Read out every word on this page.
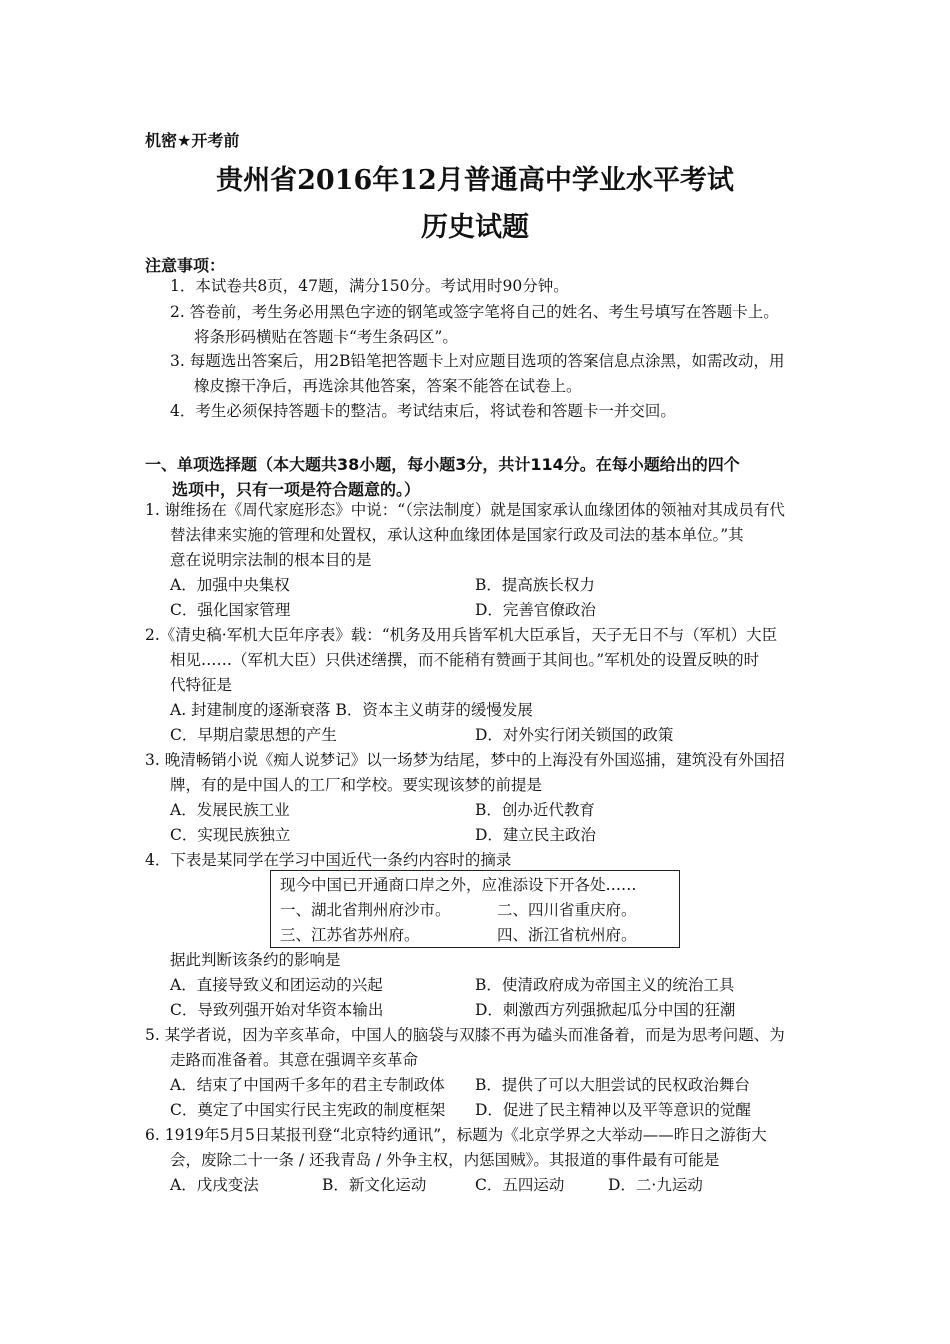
机密★开考前
贵州省2016年12月普通高中学业水平考试
历史试题
注意事项：
1．本试卷共8页，47题，满分150分。考试用时90分钟。
2. 答卷前，考生务必用黑色字迹的钢笔或签字笔将自己的姓名、考生号填写在答题卡上。
将条形码横贴在答题卡“考生条码区”。
3. 每题选出答案后，用2B铅笔把答题卡上对应题目选项的答案信息点涂黑，如需改动，用
橡皮擦干净后，再选涂其他答案，答案不能答在试卷上。
4．考生必须保持答题卡的整洁。考试结束后，将试卷和答题卡一并交回。
一、单项选择题（本大题共38小题，每小题3分，共计114分。在每小题给出的四个
选项中，只有一项是符合题意的。）
1. 谢维扬在《周代家庭形态》中说：“（宗法制度）就是国家承认血缘团体的领袖对其成员有代
替法律来实施的管理和处置权，承认这种血缘团体是国家行政及司法的基本单位。”其
意在说明宗法制的根本目的是
A．加强中央集权	B．提高族长权力
C．强化国家管理	D．完善官僚政治
2.《清史稿·军机大臣年序表》载：“机务及用兵皆军机大臣承旨，天子无日不与（军机）大臣
相见……（军机大臣）只供述缮撰，而不能稍有赞画于其间也。”军机处的设置反映的时
代特征是
A. 封建制度的逐渐衰落 B．资本主义萌芽的缓慢发展
C．早期启蒙思想的产生	D．对外实行闭关锁国的政策
3. 晚清畅销小说《痴人说梦记》以一场梦为结尾，梦中的上海没有外国巡捕，建筑没有外国招
牌，有的是中国人的工厂和学校。要实现该梦的前提是
A．发展民族工业	B．创办近代教育
C．实现民族独立	D．建立民主政治
4．下表是某同学在学习中国近代一条约内容时的摘录
现今中国已开通商口岸之外，应准添设下开各处……
一、湖北省荆州府沙市。	二、四川省重庆府。
三、江苏省苏州府。	四、浙江省杭州府。
据此判断该条约的影响是
A．直接导致义和团运动的兴起	B．使清政府成为帝国主义的统治工具
C．导致列强开始对华资本输出	D．刺激西方列强掀起瓜分中国的狂潮
5. 某学者说，因为辛亥革命，中国人的脑袋与双膝不再为磕头而准备着，而是为思考问题、为
走路而准备着。其意在强调辛亥革命
A．结束了中国两千多年的君主专制政体 B．提供了可以大胆尝试的民权政治舞台
C．奠定了中国实行民主宪政的制度框架 D．促进了民主精神以及平等意识的觉醒
6. 1919年5月5日某报刊登“北京特约通讯”，标题为《北京学界之大举动——昨日之游街大
会，废除二十一条 / 还我青岛 / 外争主权，内惩国贼》。其报道的事件最有可能是
A．戊戌变法	B．新文化运动	C．五四运动	D．二·九运动
